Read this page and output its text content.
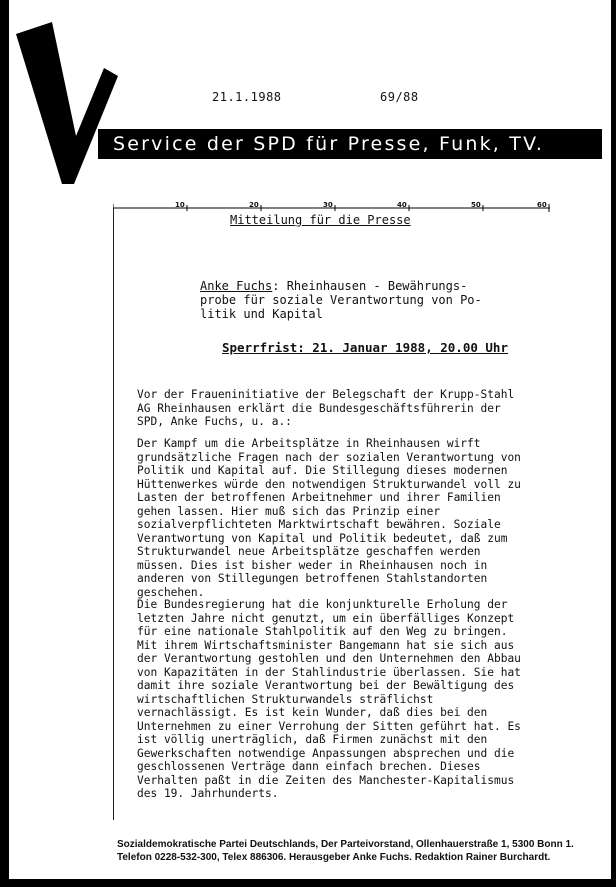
21.1.1988	69/88
Service der SPD für Presse, Funk, TV.
10	20	30	40	50	60
Mitteilung für die Presse
Anke Fuchs: Rheinhausen - Bewährungs-
probe für soziale Verantwortung von Po-
litik und Kapital
Sperrfrist: 21. Januar 1988, 20.00 Uhr
Vor der Fraueninitiative der Belegschaft der Krupp-Stahl
AG Rheinhausen erklärt die Bundesgeschäftsführerin der
SPD, Anke Fuchs, u. a.:
Der Kampf um die Arbeitsplätze in Rheinhausen wirft
grundsätzliche Fragen nach der sozialen Verantwortung von
Politik und Kapital auf. Die Stillegung dieses modernen
Hüttenwerkes würde den notwendigen Strukturwandel voll zu
Lasten der betroffenen Arbeitnehmer und ihrer Familien
gehen lassen. Hier muß sich das Prinzip einer
sozialverpflichteten Marktwirtschaft bewähren. Soziale
Verantwortung von Kapital und Politik bedeutet, daß zum
Strukturwandel neue Arbeitsplätze geschaffen werden
müssen. Dies ist bisher weder in Rheinhausen noch in
anderen von Stillegungen betroffenen Stahlstandorten
geschehen.
Die Bundesregierung hat die konjunkturelle Erholung der
letzten Jahre nicht genutzt, um ein überfälliges Konzept
für eine nationale Stahlpolitik auf den Weg zu bringen.
Mit ihrem Wirtschaftsminister Bangemann hat sie sich aus
der Verantwortung gestohlen und den Unternehmen den Abbau
von Kapazitäten in der Stahlindustrie überlassen. Sie hat
damit ihre soziale Verantwortung bei der Bewältigung des
wirtschaftlichen Strukturwandels sträflichst
vernachlässigt. Es ist kein Wunder, daß dies bei den
Unternehmen zu einer Verrohung der Sitten geführt hat. Es
ist völlig unerträglich, daß Firmen zunächst mit den
Gewerkschaften notwendige Anpassungen absprechen und die
geschlossenen Verträge dann einfach brechen. Dieses
Verhalten paßt in die Zeiten des Manchester-Kapitalismus
des 19. Jahrhunderts.
Sozialdemokratische Partei Deutschlands, Der Parteivorstand, Ollenhauerstraße 1, 5300 Bonn 1.
Telefon 0228-532-300, Telex 886306. Herausgeber Anke Fuchs. Redaktion Rainer Burchardt.
